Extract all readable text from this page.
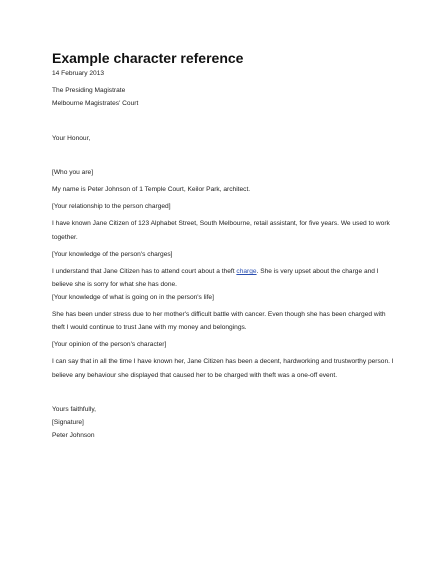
Example character reference
14 February 2013
The Presiding Magistrate
Melbourne Magistrates' Court
Your Honour,
[Who you are]
My name is Peter Johnson of 1 Temple Court, Keilor Park, architect.
[Your relationship to the person charged]
I have known Jane Citizen of 123 Alphabet Street, South Melbourne, retail assistant, for five years. We used to work
together.
[Your knowledge of the person's charges]
I understand that Jane Citizen has to attend court about a theft charge. She is very upset about the charge and I
believe she is sorry for what she has done.
[Your knowledge of what is going on in the person's life]
She has been under stress due to her mother's difficult battle with cancer. Even though she has been charged with
theft I would continue to trust Jane with my money and belongings.
[Your opinion of the person's character]
I can say that in all the time I have known her, Jane Citizen has been a decent, hardworking and trustworthy person. I
believe any behaviour she displayed that caused her to be charged with theft was a one-off event.
Yours faithfully,
[Signature]
Peter Johnson
